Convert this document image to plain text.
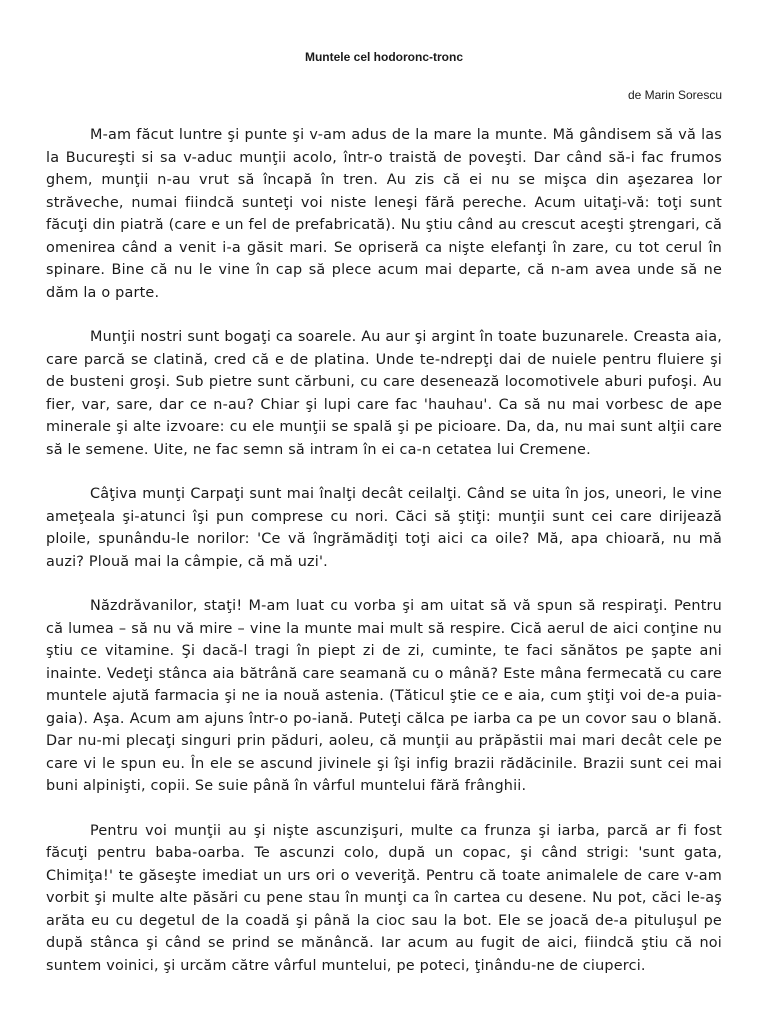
Muntele cel hodoronc-tronc
de Marin Sorescu

M-am făcut luntre şi punte şi v-am adus de la mare la munte. Mă gândisem să vă las la Bucureşti si sa v-aduc munţii acolo, într-o traistă de poveşti. Dar când să-i fac frumos ghem, munţii n-au vrut să încapă în tren. Au zis că ei nu se mişca din aşezarea lor străveche, numai fiindcă sunteţi voi niste leneşi fără pereche. Acum uitaţi-vă: toţi sunt făcuţi din piatră (care e un fel de prefabricată). Nu ştiu când au crescut aceşti ştrengari, că omenirea când a venit i-a găsit mari. Se opriseră ca nişte elefanţi în zare, cu tot cerul în spinare. Bine că nu le vine în cap să plece acum mai departe, că n-am avea unde să ne dăm la o parte.

Munţii nostri sunt bogaţi ca soarele. Au aur şi argint în toate buzunarele. Creasta aia, care parcă se clatină, cred că e de platina. Unde te-ndrepţi dai de nuiele pentru fluiere şi de busteni groşi. Sub pietre sunt cărbuni, cu care desenează locomotivele aburi pufoşi. Au fier, var, sare, dar ce n-au? Chiar şi lupi care fac 'hauhau'. Ca să nu mai vorbesc de ape minerale şi alte izvoare: cu ele munţii se spală şi pe picioare. Da, da, nu mai sunt alţii care să le semene. Uite, ne fac semn să intram în ei ca-n cetatea lui Cremene.

Câţiva munţi Carpaţi sunt mai înalţi decât ceilalţi. Când se uita în jos, uneori, le vine ameţeala şi-atunci îşi pun comprese cu nori. Căci să ştiţi: munţii sunt cei care dirijează ploile, spunându-le norilor: 'Ce vă îngrămădiţi toţi aici ca oile? Mă, apa chioară, nu mă auzi? Plouă mai la câmpie, că mă uzi'.

Năzdrăvanilor, staţi! M-am luat cu vorba şi am uitat să vă spun să respiraţi. Pentru că lumea – să nu vă mire – vine la munte mai mult să respire. Cică aerul de aici conţine nu ştiu ce vitamine. Şi dacă-l tragi în piept zi de zi, cuminte, te faci sănătos pe şapte ani inainte. Vedeţi stânca aia bătrână care seamană cu o mână? Este mâna fermecată cu care muntele ajută farmacia şi ne ia nouă astenia. (Tăticul ştie ce e aia, cum ştiţi voi de-a puia-gaia). Aşa. Acum am ajuns într-o po-iană. Puteţi călca pe iarba ca pe un covor sau o blană. Dar nu-mi plecaţi singuri prin păduri, aoleu, că munţii au prăpăstii mai mari decât cele pe care vi le spun eu. În ele se ascund jivinele şi îşi infig brazii rădăcinile. Brazii sunt cei mai buni alpinişti, copii. Se suie până în vârful muntelui fără frânghii.

Pentru voi munţii au şi nişte ascunzişuri, multe ca frunza şi iarba, parcă ar fi fost făcuţi pentru baba-oarba. Te ascunzi colo, după un copac, şi când strigi: 'sunt gata, Chimiţa!' te găseşte imediat un urs ori o veveriţă. Pentru că toate animalele de care v-am vorbit şi multe alte păsări cu pene stau în munţi ca în cartea cu desene. Nu pot, căci le-aş arăta eu cu degetul de la coadă şi până la cioc sau la bot. Ele se joacă de-a pituluşul pe după stânca şi când se prind se mănâncă. Iar acum au fugit de aici, fiindcă ştiu că noi suntem voinici, şi urcăm către vârful muntelui, pe poteci, ţinându-ne de ciuperci.
